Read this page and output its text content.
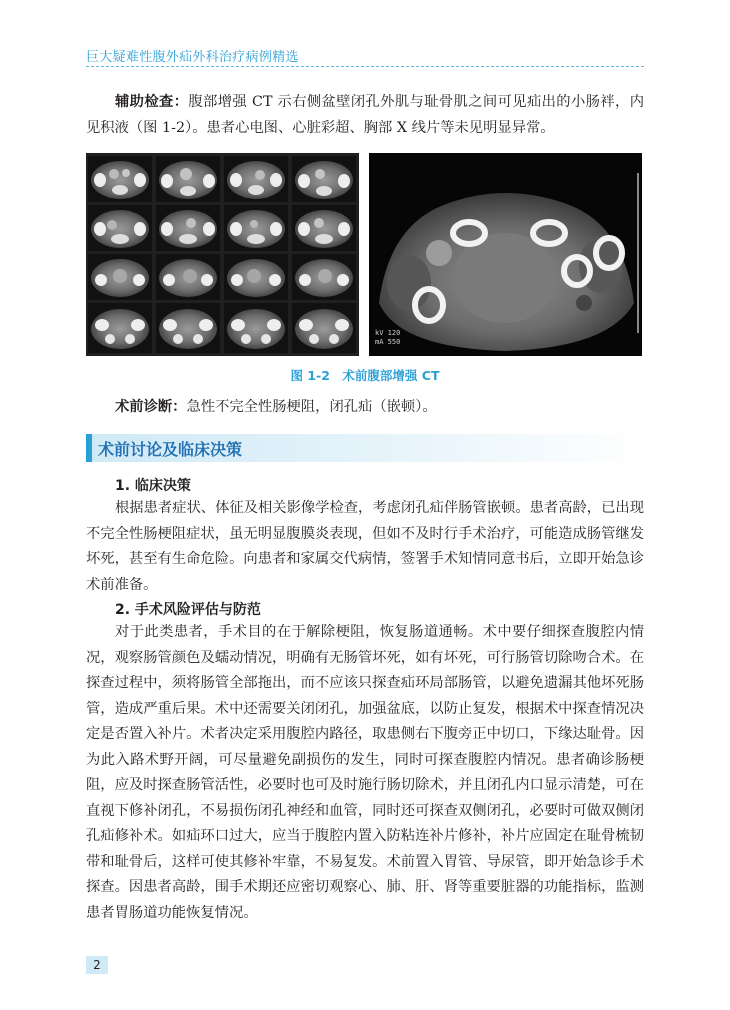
巨大疑难性腹外疝外科治疗病例精选

辅助检查：腹部增强 CT 示右侧盆壁闭孔外肌与耻骨肌之间可见疝出的小肠袢，内见积液（图 1-2）。患者心电图、心脏彩超、胸部 X 线片等未见明显异常。

kV 120
mA 550
图 1-2　术前腹部增强 CT

术前诊断：急性不完全性肠梗阻，闭孔疝（嵌顿）。

术前讨论及临床决策
1. 临床决策

根据患者症状、体征及相关影像学检查，考虑闭孔疝伴肠管嵌顿。患者高龄，已出现不完全性肠梗阻症状，虽无明显腹膜炎表现，但如不及时行手术治疗，可能造成肠管继发坏死，甚至有生命危险。向患者和家属交代病情，签署手术知情同意书后，立即开始急诊术前准备。

2. 手术风险评估与防范

对于此类患者，手术目的在于解除梗阻，恢复肠道通畅。术中要仔细探查腹腔内情况，观察肠管颜色及蠕动情况，明确有无肠管坏死，如有坏死，可行肠管切除吻合术。在探查过程中，须将肠管全部拖出，而不应该只探查疝环局部肠管，以避免遗漏其他坏死肠管，造成严重后果。术中还需要关闭闭孔，加强盆底，以防止复发，根据术中探查情况决定是否置入补片。术者决定采用腹腔内路径，取患侧右下腹旁正中切口，下缘达耻骨。因为此入路术野开阔，可尽量避免副损伤的发生，同时可探查腹腔内情况。患者确诊肠梗阻，应及时探查肠管活性，必要时也可及时施行肠切除术，并且闭孔内口显示清楚，可在直视下修补闭孔，不易损伤闭孔神经和血管，同时还可探查双侧闭孔，必要时可做双侧闭孔疝修补术。如疝环口过大，应当于腹腔内置入防粘连补片修补，补片应固定在耻骨梳韧带和耻骨后，这样可使其修补牢靠，不易复发。术前置入胃管、导尿管，即开始急诊手术探查。因患者高龄，围手术期还应密切观察心、肺、肝、肾等重要脏器的功能指标，监测患者胃肠道功能恢复情况。

2
